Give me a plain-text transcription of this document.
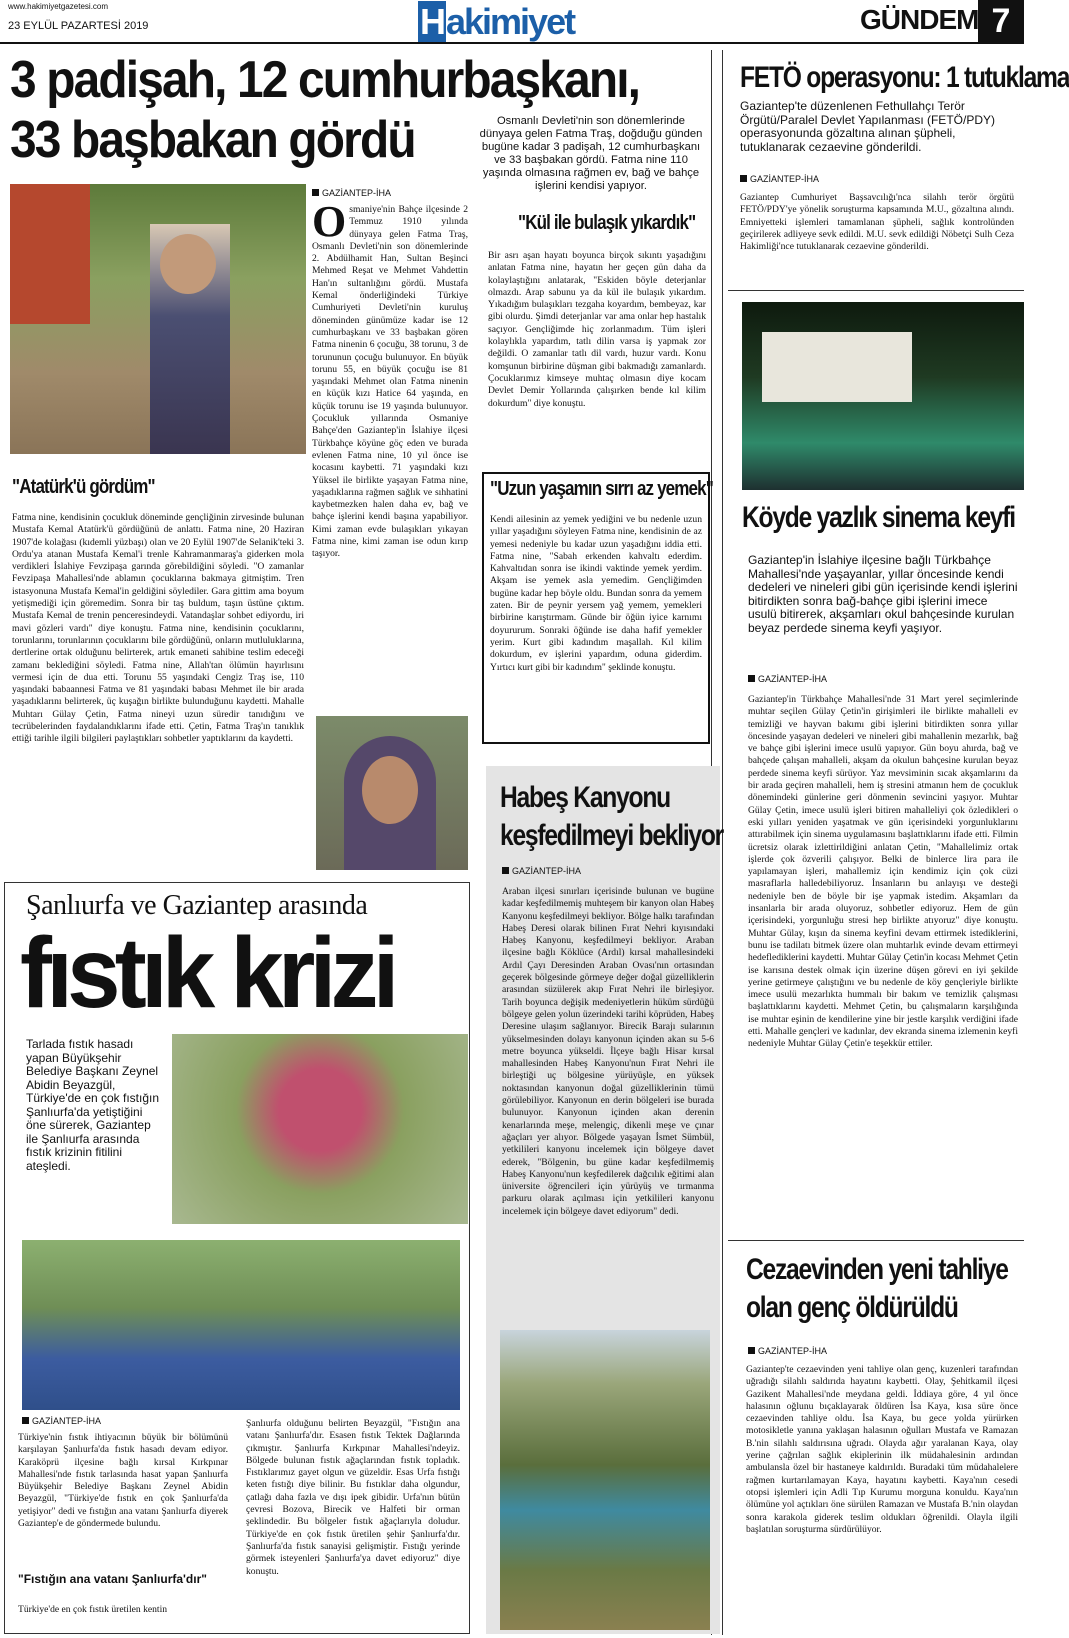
www.hakimiyetgazetesi.com
23 EYLÜL PAZARTESİ 2019	Hakimiyet	GÜNDEM 7
3 padişah, 12 cumhurbaşkanı,
33 başbakan gördü	Osmanlı Devleti'nin son dönemlerinde dünyaya gelen Fatma Traş, doğduğu günden bugüne kadar 3 padişah, 12 cumhurbaşkanı ve 33 başbakan gördü. Fatma nine 110 yaşında olmasına rağmen ev, bağ ve bahçe işlerini kendisi yapıyor.
GAZİANTEP-İHA
Osmaniye'nin Bahçe ilçesinde 2 Temmuz 1910 yılında dünyaya gelen Fatma Traş, Osmanlı Devleti'nin son dönemlerinde 2. Abdülhamit Han, Sultan Beşinci Mehmed Reşat ve Mehmet Vahdettin Han'ın sultanlığını gördü. Mustafa Kemal önderliğindeki Türkiye Cumhuriyeti Devleti'nin kuruluş döneminden günümüze kadar ise 12 cumhurbaşkanı ve 33 başbakan gören Fatma ninenin 6 çocuğu, 38 torunu, 3 de torununun çocuğu bulunuyor. En büyük torunu 55, en büyük çocuğu ise 81 yaşındaki Mehmet olan Fatma ninenin en küçük kızı Hatice 64 yaşında, en küçük torunu ise 19 yaşında bulunuyor. Çocukluk yıllarında Osmaniye Bahçe'den Gaziantep'in İslahiye ilçesi Türkbahçe köyüne göç eden ve burada evlenen Fatma nine, 10 yıl önce ise kocasını kaybetti. 71 yaşındaki kızı Yüksel ile birlikte yaşayan Fatma nine, yaşadıklarına rağmen sağlık ve sıhhatini kaybetmezken halen daha ev, bağ ve bahçe işlerini kendi başına yapabiliyor. Kimi zaman evde bulaşıkları yıkayan Fatma nine, kimi zaman ise odun kırıp taşıyor.
"Kül ile bulaşık yıkardık"
Bir asrı aşan hayatı boyunca birçok sıkıntı yaşadığını anlatan Fatma nine, hayatın her geçen gün daha da kolaylaştığını anlatarak, "Eskiden böyle deterjanlar olmazdı. Arap sabunu ya da kül ile bulaşık yıkardım. Yıkadığım bulaşıkları tezgaha koyardım, bembeyaz, kar gibi olurdu. Şimdi deterjanlar var ama onlar hep hastalık saçıyor. Gençliğimde hiç zorlanmadım. Tüm işleri kolaylıkla yapardım, tatlı dilin varsa iş yapmak zor değildi. O zamanlar tatlı dil vardı, huzur vardı. Konu komşunun birbirine düşman gibi bakmadığı zamanlardı. Çocuklarımız kimseye muhtaç olmasın diye kocam Devlet Demir Yollarında çalışırken bende kıl kilim dokurdum" diye konuştu.
"Uzun yaşamın sırrı az yemek"
Kendi ailesinin az yemek yediğini ve bu nedenle uzun yıllar yaşadığını söyleyen Fatma nine, kendisinin de az yemesi nedeniyle bu kadar uzun yaşadığını iddia etti. Fatma nine, "Sabah erkenden kahvaltı ederdim. Kahvaltıdan sonra ise ikindi vaktinde yemek yerdim. Akşam ise yemek asla yemedim. Gençliğimden bugüne kadar hep böyle oldu. Bundan sonra da yemem zaten. Bir de peynir yersem yağ yemem, yemekleri birbirine karıştırmam. Günde bir öğün iyice karnımı doyururum. Sonraki öğünde ise daha hafif yemekler yerim. Kurt gibi kadındım maşallah. Kıl kilim dokurdum, ev işlerini yapardım, oduna giderdim. Yırtıcı kurt gibi bir kadındım" şeklinde konuştu.
"Atatürk'ü gördüm"
Fatma nine, kendisinin çocukluk döneminde gençliğinin zirvesinde bulunan Mustafa Kemal Atatürk'ü gördüğünü de anlattı. Fatma nine, 20 Haziran 1907'de kolağası (kıdemli yüzbaşı) olan ve 20 Eylül 1907'de Selanik'teki 3. Ordu'ya atanan Mustafa Kemal'i trenle Kahramanmaraş'a giderken mola verdikleri İslahiye Fevzipaşa garında görebildiğini söyledi. "O zamanlar Fevzipaşa Mahallesi'nde ablamın çocuklarına bakmaya gitmiştim. Tren istasyonuna Mustafa Kemal'in geldiğini söylediler. Gara gittim ama boyum yetişmediği için göremedim. Sonra bir taş buldum, taşın üstüne çıktım. Mustafa Kemal de trenin penceresindeydi. Vatandaşlar sohbet ediyordu, iri mavi gözleri vardı" diye konuştu. Fatma nine, kendisinin çocuklarını, torunlarını, torunlarının çocuklarını bile gördüğünü, onların mutluluklarına, dertlerine ortak olduğunu belirterek, artık emaneti sahibine teslim edeceği zamanı beklediğini söyledi. Fatma nine, Allah'tan ölümün hayırlısını vermesi için de dua etti. Torunu 55 yaşındaki Cengiz Traş ise, 110 yaşındaki babaannesi Fatma ve 81 yaşındaki babası Mehmet ile bir arada yaşadıklarını belirterek, üç kuşağın birlikte bulunduğunu kaydetti. Mahalle Muhtarı Gülay Çetin, Fatma nineyi uzun süredir tanıdığını ve tecrübelerinden faydalandıklarını ifade etti. Çetin, Fatma Traş'ın tanıklık ettiği tarihle ilgili bilgileri paylaştıkları sohbetler yaptıklarını da kaydetti.
Şanlıurfa ve Gaziantep arasında
fıstık krizi
Tarlada fıstık hasadı yapan Büyükşehir Belediye Başkanı Zeynel Abidin Beyazgül, Türkiye'de en çok fıstığın Şanlıurfa'da yetiştiğini öne sürerek, Gaziantep ile Şanlıurfa arasında fıstık krizinin fitilini ateşledi.
GAZİANTEP-İHA
Türkiye'nin fıstık ihtiyacının büyük bir bölümünü karşılayan Şanlıurfa'da fıstık hasadı devam ediyor. Karaköprü ilçesine bağlı kırsal Kırkpınar Mahallesi'nde fıstık tarlasında hasat yapan Şanlıurfa Büyükşehir Belediye Başkanı Zeynel Abidin Beyazgül, "Türkiye'de fıstık en çok Şanlıurfa'da yetişiyor" dedi ve fıstığın ana vatanı Şanlıurfa diyerek Gaziantep'e de göndermede bulundu.
"Fıstığın ana vatanı Şanlıurfa'dır"
Türkiye'de en çok fıstık üretilen kentin
Şanlıurfa olduğunu belirten Beyazgül, "Fıstığın ana vatanı Şanlıurfa'dır. Esasen fıstık Tektek Dağlarında çıkmıştır. Şanlıurfa Kırkpınar Mahallesi'ndeyiz. Bölgede bulunan fıstık ağaçlarından fıstık topladık. Fıstıklarımız gayet olgun ve güzeldir. Esas Urfa fıstığı keten fıstığı diye bilinir. Bu fıstıklar daha olgundur, çatlağı daha fazla ve dışı ipek gibidir. Urfa'nın bütün çevresi Bozova, Birecik ve Halfeti bir orman şeklindedir. Bu bölgeler fıstık ağaçlarıyla doludur. Türkiye'de en çok fıstık üretilen şehir Şanlıurfa'dır. Şanlıurfa'da fıstık sanayisi gelişmiştir. Fıstığı yerinde görmek isteyenleri Şanlıurfa'ya davet ediyoruz" diye konuştu.
Habeş Kanyonu
keşfedilmeyi bekliyor
GAZİANTEP-İHA
Araban ilçesi sınırları içerisinde bulunan ve bugüne kadar keşfedilmemiş muhteşem bir kanyon olan Habeş Kanyonu keşfedilmeyi bekliyor. Bölge halkı tarafından Habeş Deresi olarak bilinen Fırat Nehri kıyısındaki Habeş Kanyonu, keşfedilmeyi bekliyor. Araban ilçesine bağlı Köklüce (Ardıl) kırsal mahallesindeki Ardıl Çayı Deresinden Araban Ovası'nın ortasından geçerek bölgesinde görmeye değer doğal güzelliklerin arasından süzülerek akıp Fırat Nehri ile birleşiyor. Tarih boyunca değişik medeniyetlerin hüküm sürdüğü bölgeye gelen yolun üzerindeki tarihi köprüden, Habeş Deresine ulaşım sağlanıyor. Birecik Barajı sularının yükselmesinden dolayı kanyonun içinden akan su 5-6 metre boyunca yükseldi. İlçeye bağlı Hisar kırsal mahallesinden Habeş Kanyonu'nun Fırat Nehri ile birleştiği uç bölgesine yürüyüşle, en yüksek noktasından kanyonun doğal güzelliklerinin tümü görülebiliyor. Kanyonun en derin bölgeleri ise burada bulunuyor. Kanyonun içinden akan derenin kenarlarında meşe, melengiç, dikenli meşe ve çınar ağaçları yer alıyor. Bölgede yaşayan İsmet Sümbül, yetkilileri kanyonu incelemek için bölgeye davet ederek, "Bölgenin, bu güne kadar keşfedilmemiş Habeş Kanyonu'nun keşfedilerek dağcılık eğitimi alan üniversite öğrencileri için yürüyüş ve tırmanma parkuru olarak açılması için yetkilileri kanyonu incelemek için bölgeye davet ediyorum" dedi.
FETÖ operasyonu: 1 tutuklama
Gaziantep'te düzenlenen Fethullahçı Terör Örgütü/Paralel Devlet Yapılanması (FETÖ/PDY) operasyonunda gözaltına alınan şüpheli, tutuklanarak cezaevine gönderildi.
GAZİANTEP-İHA
Gaziantep Cumhuriyet Başsavcılığı'nca silahlı terör örgütü FETÖ/PDY'ye yönelik soruşturma kapsamında M.U., gözaltına alındı. Emniyetteki işlemleri tamamlanan şüpheli, sağlık kontrolünden geçirilerek adliyeye sevk edildi. M.U. sevk edildiği Nöbetçi Sulh Ceza Hakimliği'nce tutuklanarak cezaevine gönderildi.
Köyde yazlık sinema keyfi
Gaziantep'in İslahiye ilçesine bağlı Türkbahçe Mahallesi'nde yaşayanlar, yıllar öncesinde kendi dedeleri ve nineleri gibi gün içerisinde kendi işlerini bitirdikten sonra bağ-bahçe gibi işlerini imece usulü bitirerek, akşamları okul bahçesinde kurulan beyaz perdede sinema keyfi yaşıyor.
GAZİANTEP-İHA
Gaziantep'in Türkbahçe Mahallesi'nde 31 Mart yerel seçimlerinde muhtar seçilen Gülay Çetin'in girişimleri ile birlikte mahalleli ev temizliği ve hayvan bakımı gibi işlerini bitirdikten sonra yıllar öncesinde yaşayan dedeleri ve nineleri gibi mahallenin mezarlık, bağ ve bahçe gibi işlerini imece usulü yapıyor. Gün boyu ahırda, bağ ve bahçede çalışan mahalleli, akşam da okulun bahçesine kurulan beyaz perdede sinema keyfi sürüyor. Yaz mevsiminin sıcak akşamlarını da bir arada geçiren mahalleli, hem iş stresini atmanın hem de çocukluk dönemindeki günlerine geri dönmenin sevincini yaşıyor. Muhtar Gülay Çetin, imece usulü işleri bitiren mahalleliyi çok özledikleri o eski yılları yeniden yaşatmak ve gün içerisindeki yorgunluklarını attırabilmek için sinema uygulamasını başlattıklarını ifade etti. Filmin ücretsiz olarak izlettirildiğini anlatan Çetin, "Mahallelimiz ortak işlerde çok özverili çalışıyor. Belki de binlerce lira para ile yapılamayan işleri, mahallemiz için kendimiz için çok cüzi masraflarla halledebiliyoruz. İnsanların bu anlayışı ve desteği nedeniyle ben de böyle bir işe yapmak istedim. Akşamları da insanlarla bir arada oluyoruz, sohbetler ediyoruz. Hem de gün içerisindeki, yorgunluğu stresi hep birlikte atıyoruz" diye konuştu. Muhtar Gülay, kışın da sinema keyfini devam ettirmek istediklerini, bunu ise tadilatı bitmek üzere olan muhtarlık evinde devam ettirmeyi hedeflediklerini kaydetti. Muhtar Gülay Çetin'in kocası Mehmet Çetin ise karısına destek olmak için üzerine düşen görevi en iyi şekilde yerine getirmeye çalıştığını ve bu nedenle de köy gençleriyle birlikte imece usulü mezarlıkta hummalı bir bakım ve temizlik çalışması başlattıklarını kaydetti. Mehmet Çetin, bu çalışmaların karşılığında ise muhtar eşinin de kendilerine yine bir jestle karşılık verdiğini ifade etti. Mahalle gençleri ve kadınlar, dev ekranda sinema izlemenin keyfi nedeniyle Muhtar Gülay Çetin'e teşekkür ettiler.
Cezaevinden yeni tahliye
olan genç öldürüldü
GAZİANTEP-İHA
Gaziantep'te cezaevinden yeni tahliye olan genç, kuzenleri tarafından uğradığı silahlı saldırıda hayatını kaybetti. Olay, Şehitkamil ilçesi Gazikent Mahallesi'nde meydana geldi. İddiaya göre, 4 yıl önce halasının oğlunu bıçaklayarak öldüren İsa Kaya, kısa süre önce cezaevinden tahliye oldu. İsa Kaya, bu gece yolda yürürken motosikletle yanına yaklaşan halasının oğulları Mustafa ve Ramazan B.'nin silahlı saldırısına uğradı. Olayda ağır yaralanan Kaya, olay yerine çağrılan sağlık ekiplerinin ilk müdahalesinin ardından ambulansla özel bir hastaneye kaldırıldı. Buradaki tüm müdahalelere rağmen kurtarılamayan Kaya, hayatını kaybetti. Kaya'nın cesedi otopsi işlemleri için Adli Tıp Kurumu morguna konuldu. Kaya'nın ölümüne yol açtıkları öne sürülen Ramazan ve Mustafa B.'nin olaydan sonra karakola giderek teslim oldukları öğrenildi. Olayla ilgili başlatılan soruşturma sürdürülüyor.
